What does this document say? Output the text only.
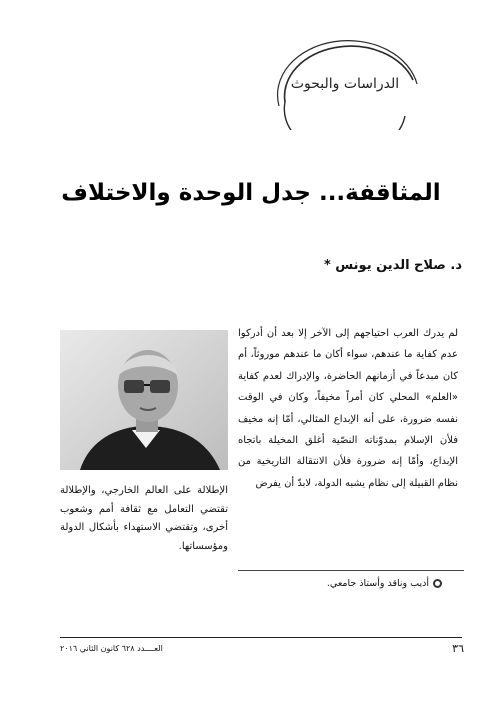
الدراسات والبحوث
المثاقفة... جدل الوحدة والاختلاف
د. صلاح الدين يونس *
لم يدرك العرب احتياجهم إلى الآخر إلا بعد أن أدركوا عدم كفاية ما عندهم، سواء أكان ما عندهم موروثاً، أم كان مبدعاً في أزمانهم الحاضرة، والإدراك لعدم كفاية «العلم» المحلي كان أمراً مخيفاً، وكان في الوقت نفسه ضرورة، على أنه الإبداع المثالي، أمّا إنه مخيف فلأن الإسلام بمدوّناته النصّية أغلق المخيلة باتجاه الإبداع، وأمّا إنه ضرورة فلأن الانتقالة التاريخية من نظام القبيلة إلى نظام يشبه الدولة، لابدّ أن يفرض
الإطلالة على العالم الخارجي، والإطلالة تقتضي التعامل مع ثقافة أمم وشعوب أخرى، وتقتضي الاستهداء بأشكال الدولة ومؤسساتها.
أديب وناقد وأستاذ جامعي.
٣٦
العــــدد ٦٢٨ كانون الثاني ٢٠١٦
